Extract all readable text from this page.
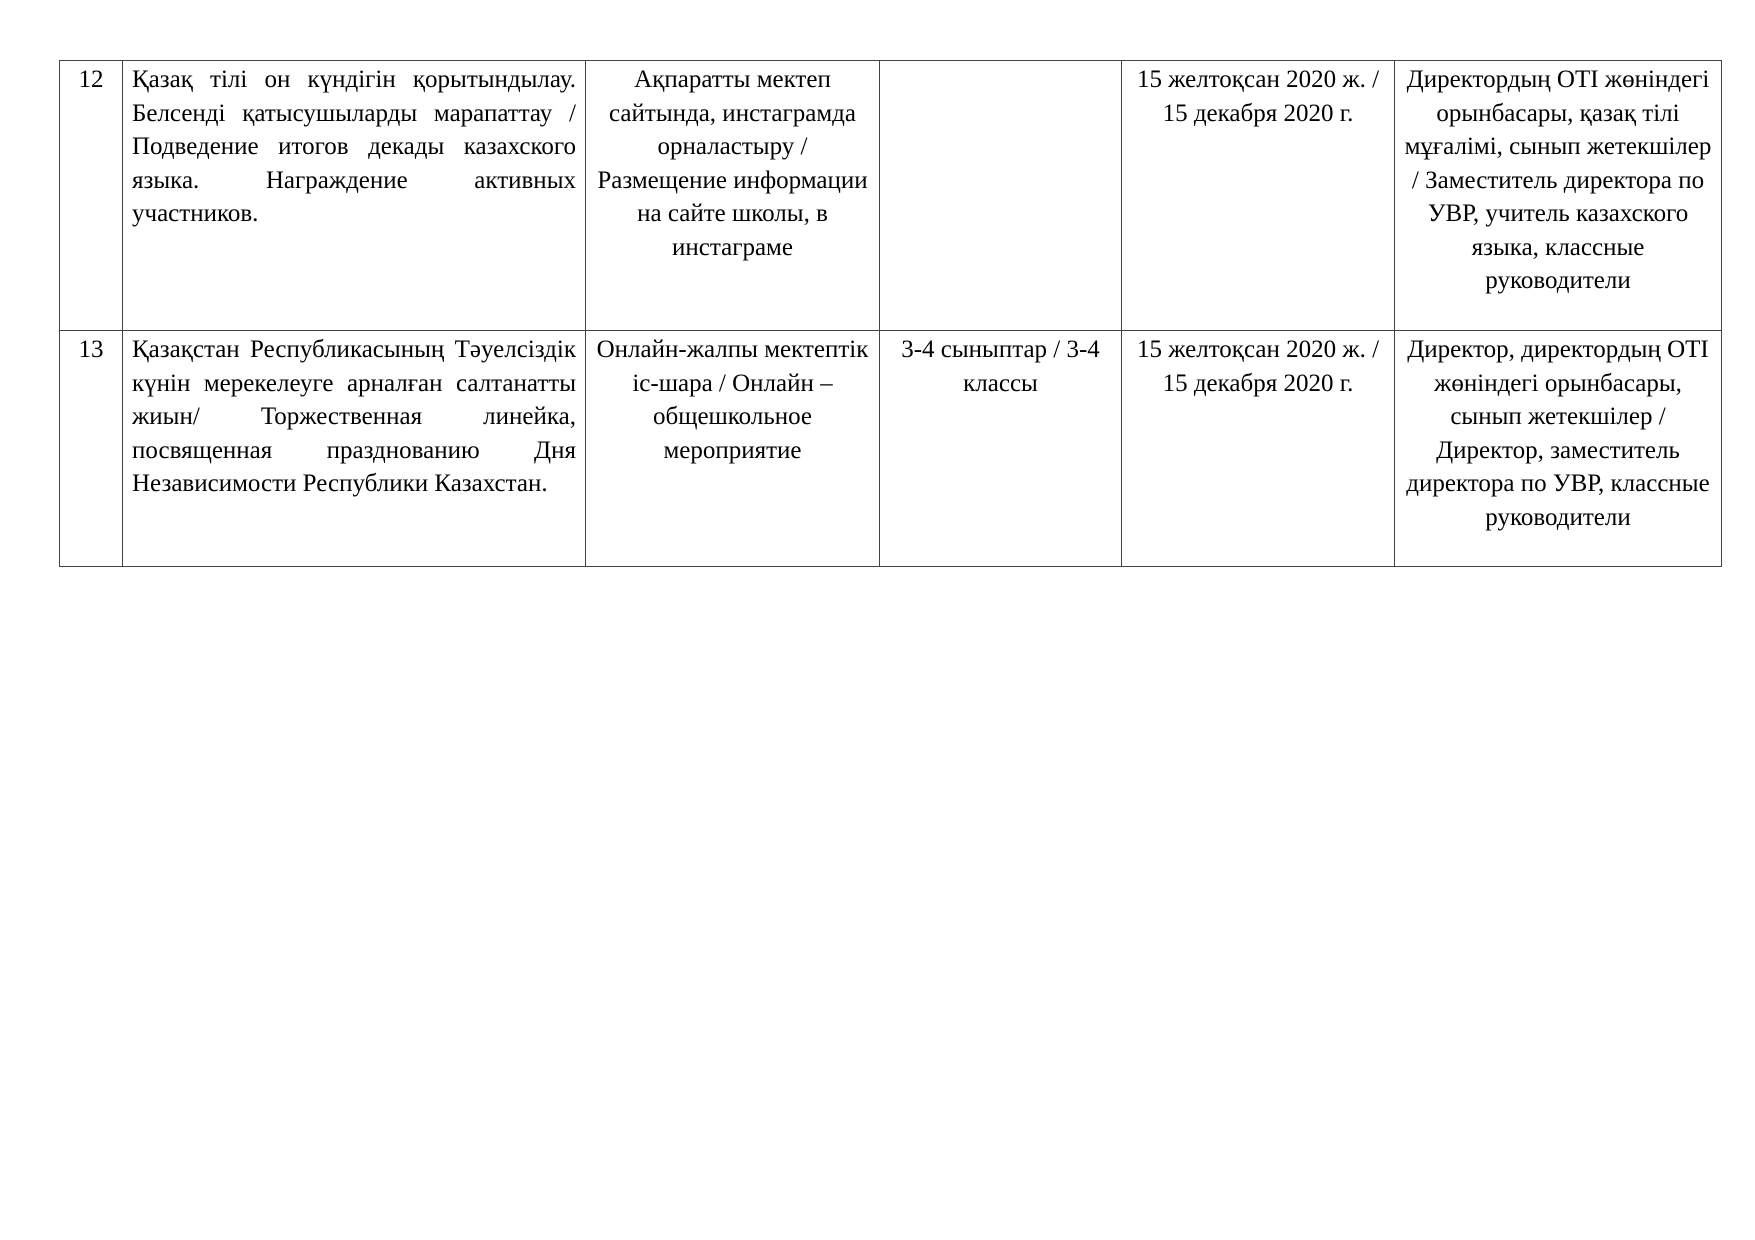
12	Қазақ тілі он күндігін қорытындылау. Белсенді қатысушыларды марапаттау / Подведение итогов декады казахского языка. Награждение активных участников.	Ақпаратты мектеп сайтында, инстаграмда орналастыру / Размещение информации на сайте школы, в инстаграме		15 желтоқсан 2020 ж. /
15 декабря 2020 г.	Директордың ОТІ жөніндегі орынбасары, қазақ тілі мұғалімі, сынып жетекшілер / Заместитель директора по УВР, учитель казахского языка, классные руководители
13	Қазақстан Республикасының Тәуелсіздік күнін мерекелеуге арналған салтанатты жиын/ Торжественная линейка, посвященная празднованию Дня Независимости Республики Казахстан.	Онлайн-жалпы мектептік іс-шара / Онлайн – общешкольное мероприятие	3-4 сыныптар / 3-4 классы	15 желтоқсан 2020 ж. /
15 декабря 2020 г.	Директор, директордың ОТІ жөніндегі орынбасары, сынып жетекшілер / Директор, заместитель директора по УВР, классные руководители
